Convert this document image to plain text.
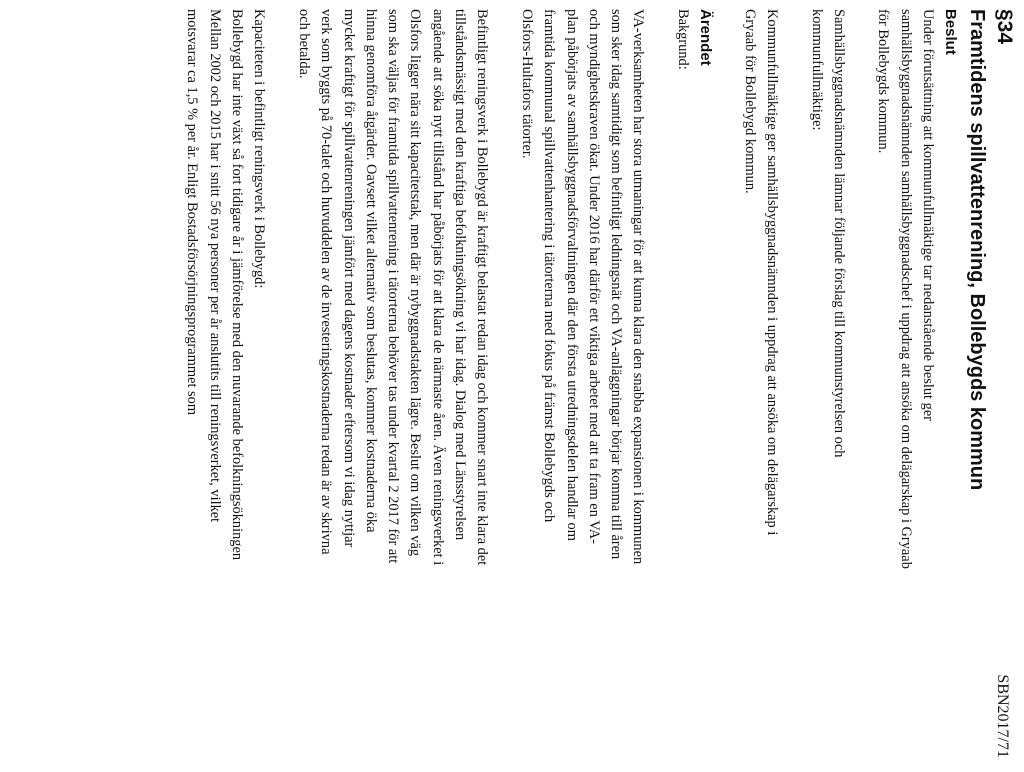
§34

SBN2017/71
Framtidens spillvattenrening, Bollebygds kommun
Beslut

Under förutsättning att kommunfullmäktige tar nedanstående beslut ger
samhällsbyggnadsnämnden samhällsbyggnadschef i uppdrag att ansöka om delägarskap i Gryaab
för Bollebygds kommun.

Samhällsbyggnadsnämnden lämnar följande förslag till kommunstyrelsen och
kommunfullmäktige:

Kommunfullmäktige ger samhällsbyggnadsnämnden i uppdrag att ansöka om delägarskap i
Gryaab för Bollebygd kommun.

Ärendet

Bakgrund:

VA-verksamheten har stora utmaningar för att kunna klara den snabba expansionen i kommunen
som sker idag samtidigt som befintligt ledningsnät och VA-anläggningar börjar komma till åren
och myndighetskraven ökat. Under 2016 har därför ett viktiga arbetet med att ta fram en VA-
plan påbörjats av samhällsbyggnadsförvaltningen där den första utredningsdelen handlar om
framtida kommunal spillvattenhantering i tätorterna med fokus på främst Bollebygds och
Olsfors-Hultafors tätorter.

Befintligt reningsverk i Bollebygd är kraftigt belastat redan idag och kommer snart inte klara det
tillståndsmässigt med den kraftiga befolkningsökning vi har idag. Dialog med Länsstyrelsen
angående att söka nytt tillstånd har påbörjats för att klara de närmaste åren. Även reningsverket i
Olsfors ligger nära sitt kapacitetstak, men där är nybyggnadstakten lägre. Beslut om vilken väg
som ska väljas för framtida spillvattenrening i tätorterna behöver tas under kvartal 2 2017 för att
hinna genomföra åtgärder. Oavsett vilket alternativ som beslutas, kommer kostnaderna öka
mycket kraftigt för spillvattenreningen jämfört med dagens kostnader eftersom vi idag nyttjar
verk som byggts på 70-talet och huvuddelen av de investeringskostnaderna redan är av skrivna
och betalda.

Kapaciteten i befintligt reningsverk i Bollebygd:
Bollebygd har inte växt så fort tidigare år i jämförelse med den nuvarande befolkningsökningen
Mellan 2002 och 2015 har i snitt 56 nya personer per år anslutits till reningsverket, vilket
motsvarar ca 1,5 % per år. Enligt Bostadsförsörjningsprogrammet som
